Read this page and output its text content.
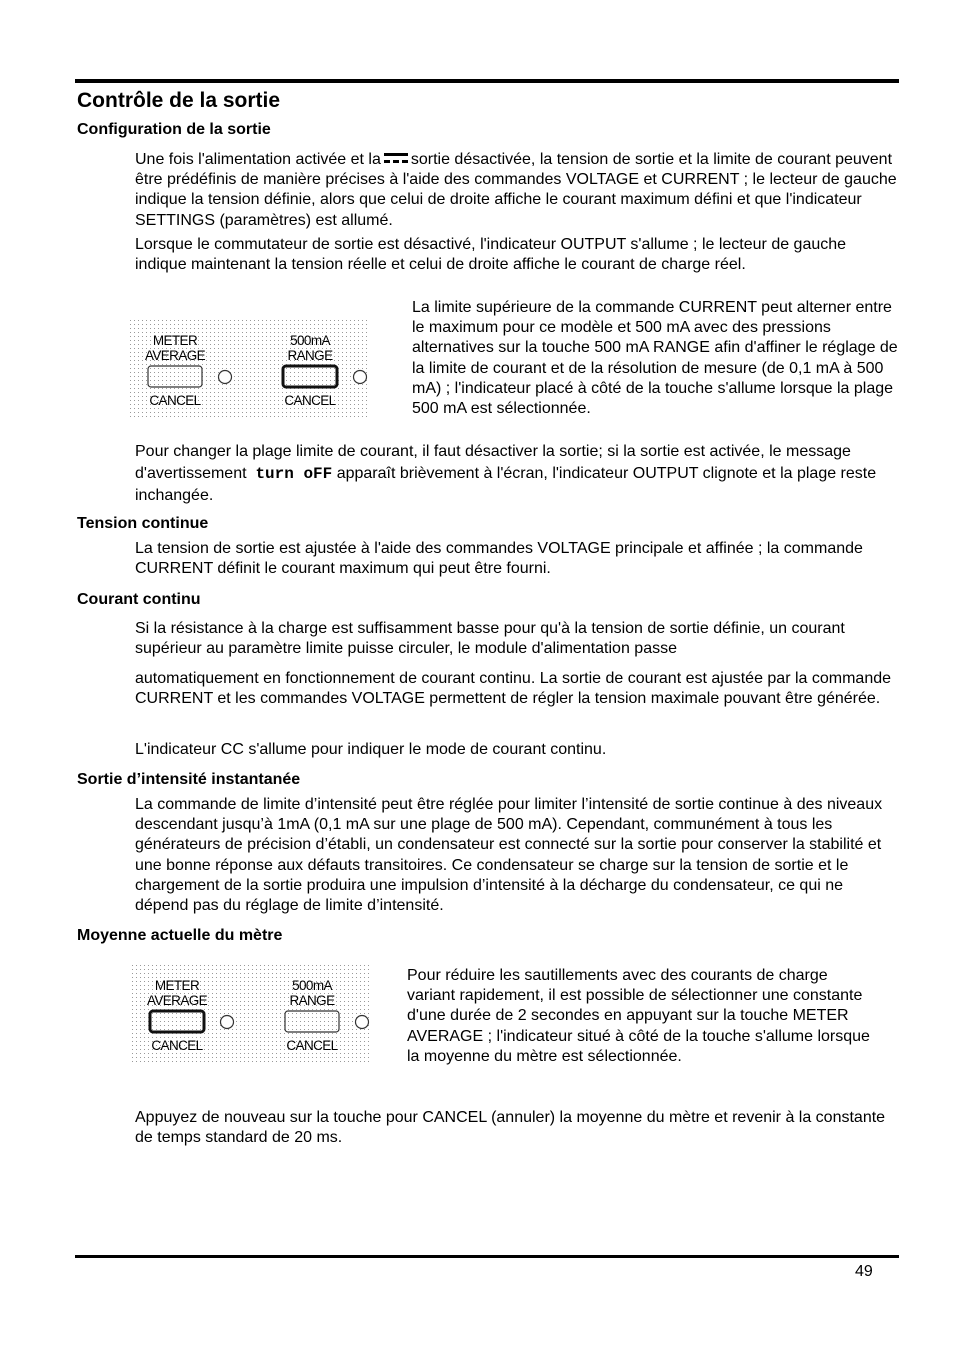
Contrôle de la sortie
Configuration de la sortie

Une fois l'alimentation activée et la sortie désactivée, la tension de sortie et la limite de courant peuvent être prédéfinis de manière précises à l'aide des commandes VOLTAGE et CURRENT ; le lecteur de gauche indique la tension définie, alors que celui de droite affiche le courant maximum défini et que l'indicateur SETTINGS (paramètres) est allumé.

Lorsque le commutateur de sortie est désactivé, l'indicateur OUTPUT s'allume ; le lecteur de gauche indique maintenant la tension réelle et celui de droite affiche le courant de charge réel.

METER
AVERAGE
CANCEL
500mA
RANGE
CANCEL

La limite supérieure de la commande CURRENT peut alterner entre le maximum pour ce modèle et 500 mA avec des pressions alternatives sur la touche 500 mA RANGE afin d'affiner le réglage de la limite de courant et de la résolution de mesure (de 0,1 mA à 500 mA) ; l'indicateur placé à côté de la touche s'allume lorsque la plage 500 mA est sélectionnée.

Pour changer la plage limite de courant, il faut désactiver la sortie; si la sortie est activée, le message d'avertissement turn oFF apparaît brièvement à l'écran, l'indicateur OUTPUT clignote et la plage reste inchangée.

Tension continue

La tension de sortie est ajustée à l'aide des commandes VOLTAGE principale et affinée ; la commande CURRENT définit le courant maximum qui peut être fourni.

Courant continu

Si la résistance à la charge est suffisamment basse pour qu'à la tension de sortie définie, un courant supérieur au paramètre limite puisse circuler, le module d'alimentation passe

automatiquement en fonctionnement de courant continu. La sortie de courant est ajustée par la commande CURRENT et les commandes VOLTAGE permettent de régler la tension maximale pouvant être générée.

L'indicateur CC s'allume pour indiquer le mode de courant continu.

Sortie d’intensité instantanée

La commande de limite d’intensité peut être réglée pour limiter l’intensité de sortie continue à des niveaux descendant jusqu’à 1mA (0,1 mA sur une plage de 500 mA). Cependant, communément à tous les générateurs de précision d’établi, un condensateur est connecté sur la sortie pour conserver la stabilité et une bonne réponse aux défauts transitoires. Ce condensateur se charge sur la tension de sortie et le chargement de la sortie produira une impulsion d’intensité à la décharge du condensateur, ce qui ne dépend pas du réglage de limite d’intensité.

Moyenne actuelle du mètre
METER
AVERAGE
CANCEL
500mA
RANGE
CANCEL

Pour réduire les sautillements avec des courants de charge variant rapidement, il est possible de sélectionner une constante d'une durée de 2 secondes en appuyant sur la touche METER AVERAGE ; l'indicateur situé à côté de la touche s'allume lorsque la moyenne du mètre est sélectionnée.

Appuyez de nouveau sur la touche pour CANCEL (annuler) la moyenne du mètre et revenir à la constante de temps standard de 20 ms.

49
